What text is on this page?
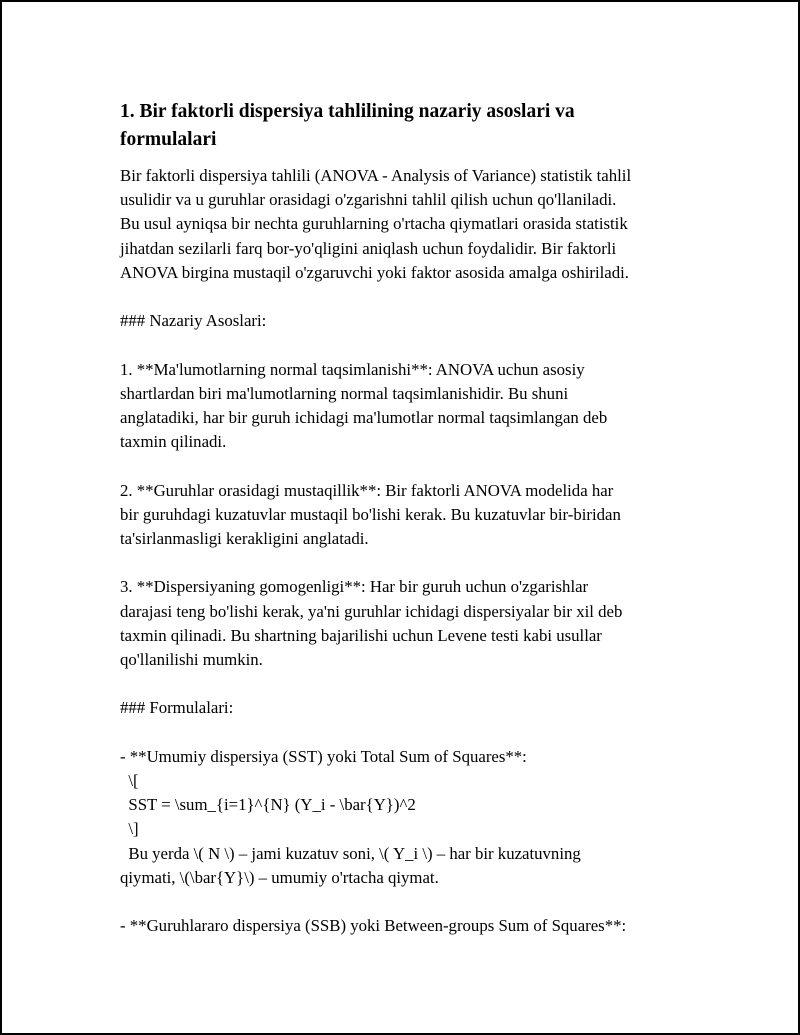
1. Bir faktorli dispersiya tahlilining nazariy asoslari va
formulalari
Bir faktorli dispersiya tahlili (ANOVA - Analysis of Variance) statistik tahlil
usulidir va u guruhlar orasidagi o'zgarishni tahlil qilish uchun qo'llaniladi.
Bu usul ayniqsa bir nechta guruhlarning o'rtacha qiymatlari orasida statistik
jihatdan sezilarli farq bor-yo'qligini aniqlash uchun foydalidir. Bir faktorli
ANOVA birgina mustaqil o'zgaruvchi yoki faktor asosida amalga oshiriladi.
### Nazariy Asoslari:
1. **Ma'lumotlarning normal taqsimlanishi**: ANOVA uchun asosiy
shartlardan biri ma'lumotlarning normal taqsimlanishidir. Bu shuni
anglatadiki, har bir guruh ichidagi ma'lumotlar normal taqsimlangan deb
taxmin qilinadi.
2. **Guruhlar orasidagi mustaqillik**: Bir faktorli ANOVA modelida har
bir guruhdagi kuzatuvlar mustaqil bo'lishi kerak. Bu kuzatuvlar bir-biridan
ta'sirlanmasligi kerakligini anglatadi.
3. **Dispersiyaning gomogenligi**: Har bir guruh uchun o'zgarishlar
darajasi teng bo'lishi kerak, ya'ni guruhlar ichidagi dispersiyalar bir xil deb
taxmin qilinadi. Bu shartning bajarilishi uchun Levene testi kabi usullar
qo'llanilishi mumkin.
### Formulalari:
- **Umumiy dispersiya (SST) yoki Total Sum of Squares**:
\[
SST = \sum_{i=1}^{N} (Y_i - \bar{Y})^2
\]
Bu yerda \( N \) – jami kuzatuv soni, \( Y_i \) – har bir kuzatuvning
qiymati, \(\bar{Y}\) – umumiy o'rtacha qiymat.
- **Guruhlararo dispersiya (SSB) yoki Between-groups Sum of Squares**:
